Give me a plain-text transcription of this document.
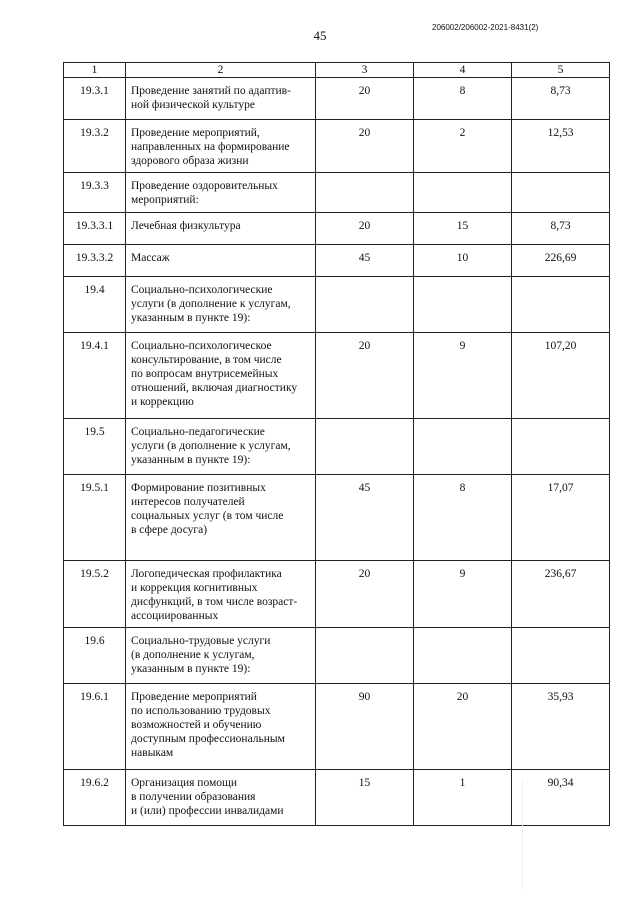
45
206002/206002-2021-8431(2)
1	2	3	4	5
19.3.1	Проведение занятий по адаптив-
ной физической культуре	20	8	8,73
19.3.2	Проведение мероприятий,
направленных на формирование
здорового образа жизни	20	2	12,53
19.3.3	Проведение оздоровительных
мероприятий:			
19.3.3.1	Лечебная физкультура	20	15	8,73
19.3.3.2	Массаж	45	10	226,69
19.4	Социально-психологические
услуги (в дополнение к услугам,
указанным в пункте 19):			
19.4.1	Социально-психологическое
консультирование, в том числе
по вопросам внутрисемейных
отношений, включая диагностику
и коррекцию	20	9	107,20
19.5	Социально-педагогические
услуги (в дополнение к услугам,
указанным в пункте 19):			
19.5.1	Формирование позитивных
интересов получателей
социальных услуг (в том числе
в сфере досуга)	45	8	17,07
19.5.2	Логопедическая профилактика
и коррекция когнитивных
дисфункций, в том числе возраст-
ассоциированных	20	9	236,67
19.6	Социально-трудовые услуги
(в дополнение к услугам,
указанным в пункте 19):			
19.6.1	Проведение мероприятий
по использованию трудовых
возможностей и обучению
доступным профессиональным
навыкам	90	20	35,93
19.6.2	Организация помощи
в получении образования
и (или) профессии инвалидами	15	1	90,34
